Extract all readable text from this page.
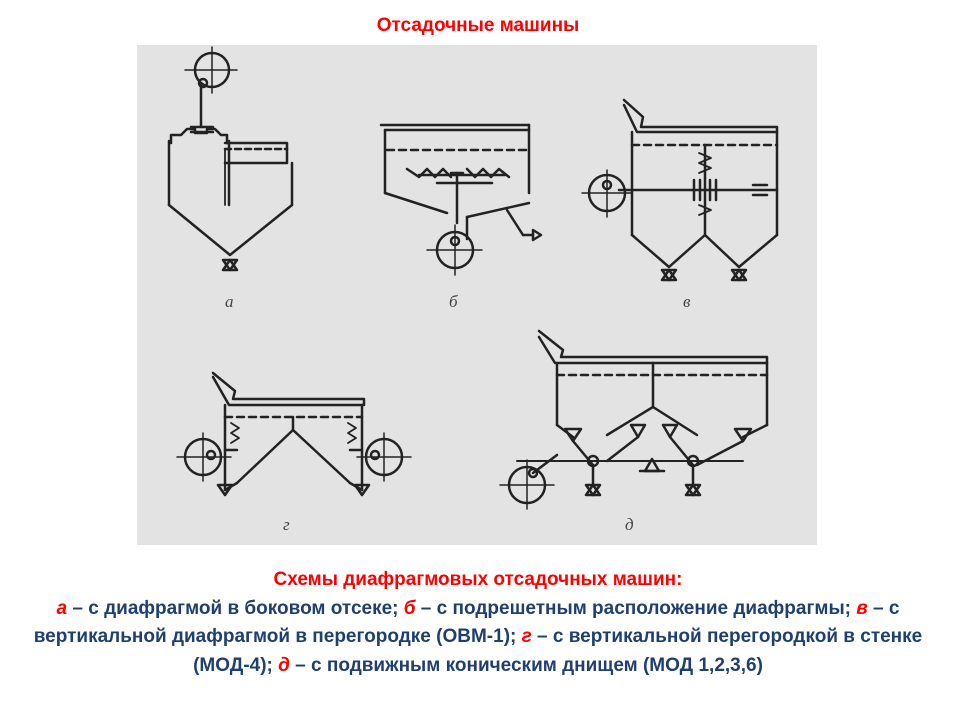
Отсадочные машины
а	б	в
г	д
Схемы диафрагмовых отсадочных машин:
а – с диафрагмой в боковом отсеке; б – с подрешетным расположение диафрагмы; в – с вертикальной диафрагмой в перегородке (ОВМ-1); г – с вертикальной перегородкой в стенке (МОД-4); д – с подвижным коническим днищем (МОД 1,2,3,6)
